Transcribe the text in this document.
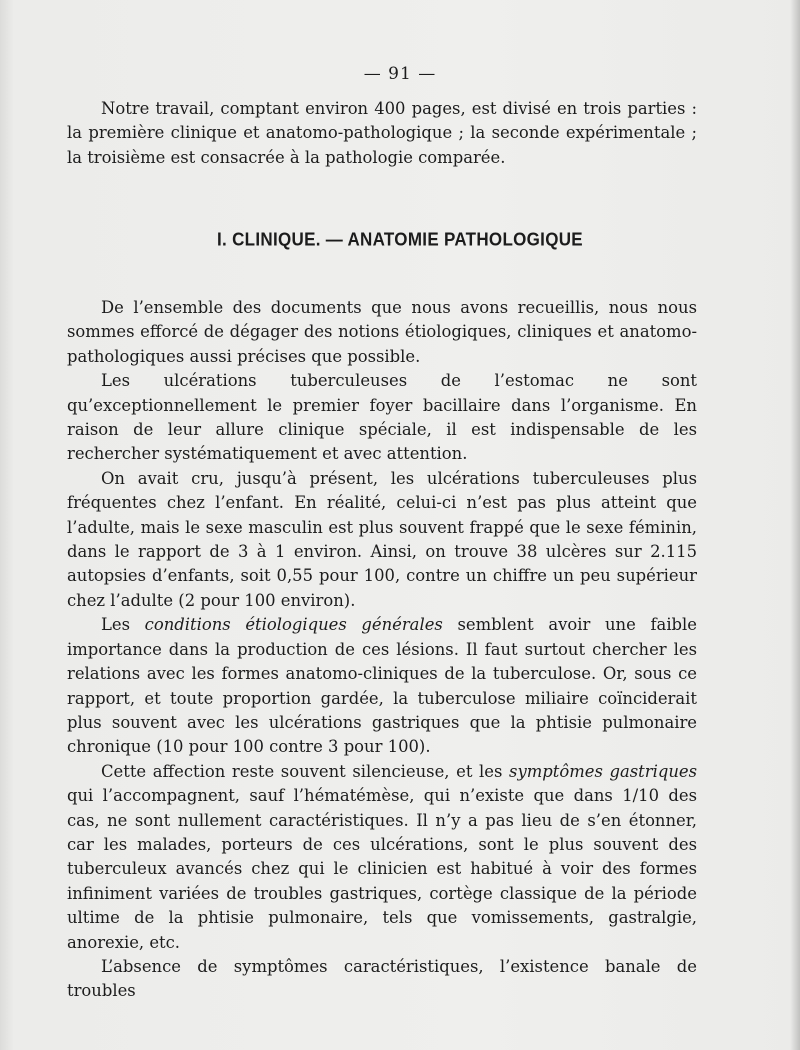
— 91 —

Notre travail, comptant environ 400 pages, est divisé en trois parties : la première clinique et anatomo-pathologique ; la seconde expérimentale ; la troisième est consacrée à la pathologie comparée.

I. CLINIQUE. — ANATOMIE PATHOLOGIQUE

De l’ensemble des documents que nous avons recueillis, nous nous sommes efforcé de dégager des notions étiologiques, cliniques et anatomo-pathologiques aussi précises que possible.

Les ulcérations tuberculeuses de l’estomac ne sont qu’exceptionnellement le premier foyer bacillaire dans l’organisme. En raison de leur allure clinique spéciale, il est indispensable de les rechercher systématiquement et avec attention.

On avait cru, jusqu’à présent, les ulcérations tuberculeuses plus fréquentes chez l’enfant. En réalité, celui-ci n’est pas plus atteint que l’adulte, mais le sexe masculin est plus souvent frappé que le sexe féminin, dans le rapport de 3 à 1 environ. Ainsi, on trouve 38 ulcères sur 2.115 autopsies d’enfants, soit 0,55 pour 100, contre un chiffre un peu supérieur chez l’adulte (2 pour 100 environ).

Les conditions étiologiques générales semblent avoir une faible importance dans la production de ces lésions. Il faut surtout chercher les relations avec les formes anatomo-cliniques de la tuberculose. Or, sous ce rapport, et toute proportion gardée, la tuberculose miliaire coïnciderait plus souvent avec les ulcérations gastriques que la phtisie pulmonaire chronique (10 pour 100 contre 3 pour 100).

Cette affection reste souvent silencieuse, et les symptômes gastriques qui l’accompagnent, sauf l’hématémèse, qui n’existe que dans 1/10 des cas, ne sont nullement caractéristiques. Il n’y a pas lieu de s’en étonner, car les malades, porteurs de ces ulcérations, sont le plus souvent des tuberculeux avancés chez qui le clinicien est habitué à voir des formes infiniment variées de troubles gastriques, cortège classique de la période ultime de la phtisie pulmonaire, tels que vomissements, gastralgie, anorexie, etc.

L’absence de symptômes caractéristiques, l’existence banale de troubles
